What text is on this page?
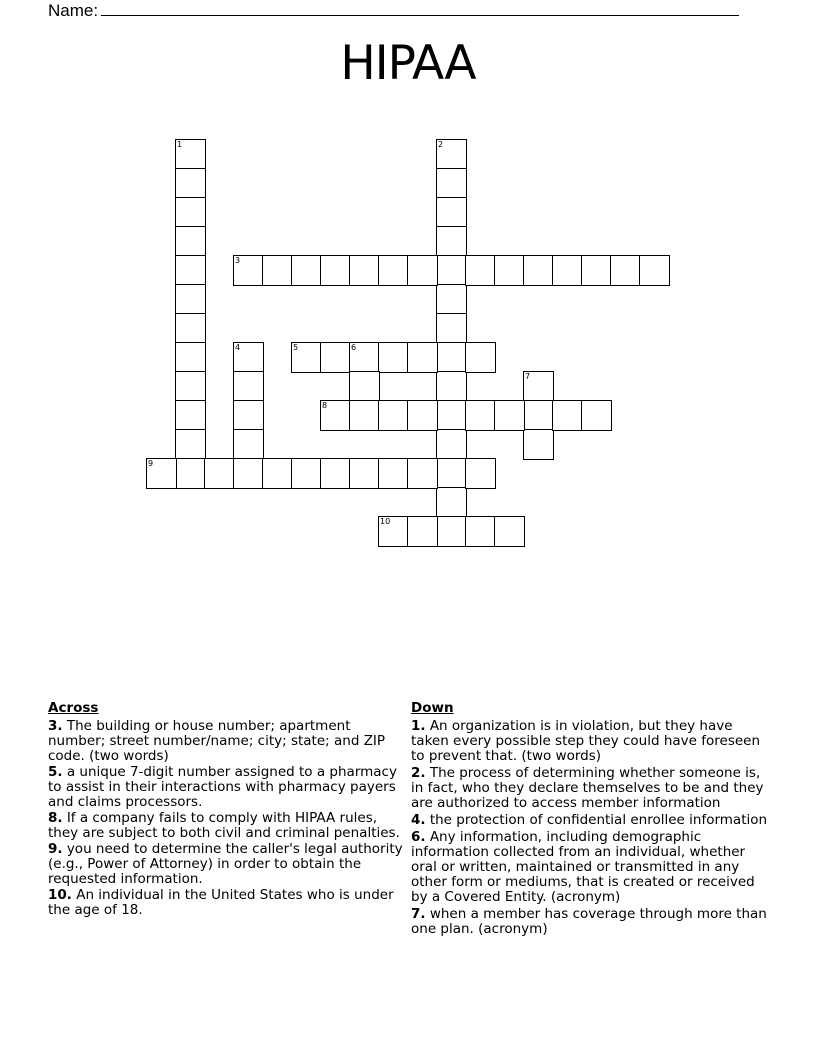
Name:
HIPAA
1	2
3
4	5	6
7
8
9
10
Across
3. The building or house number; apartment number; street number/name; city; state; and ZIP code. (two words)
5. a unique 7-digit number assigned to a pharmacy to assist in their interactions with pharmacy payers and claims processors.
8. If a company fails to comply with HIPAA rules, they are subject to both civil and criminal penalties.
9. you need to determine the caller's legal authority (e.g., Power of Attorney) in order to obtain the requested information.
10. An individual in the United States who is under the age of 18.
Down
1. An organization is in violation, but they have taken every possible step they could have foreseen to prevent that. (two words)
2. The process of determining whether someone is, in fact, who they declare themselves to be and they are authorized to access member information
4. the protection of confidential enrollee information
6. Any information, including demographic information collected from an individual, whether oral or written, maintained or transmitted in any other form or mediums, that is created or received by a Covered Entity. (acronym)
7. when a member has coverage through more than one plan. (acronym)
